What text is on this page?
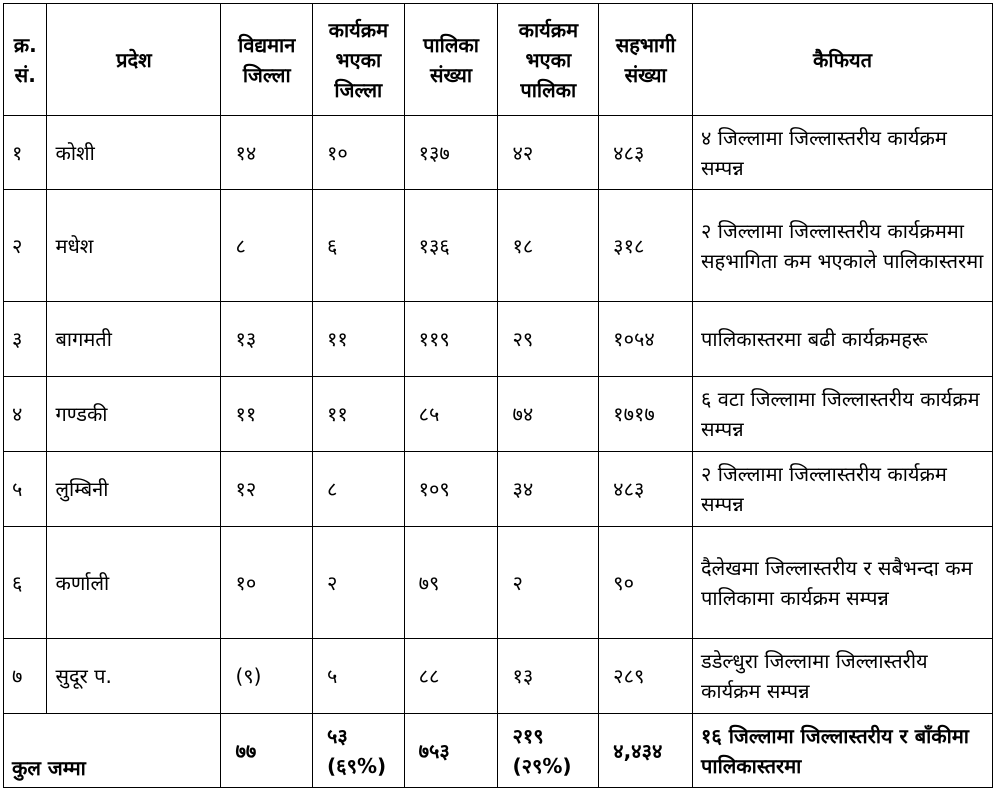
क्र. सं.	प्रदेश	विद्यमान जिल्ला	कार्यक्रम भएका जिल्ला	पालिका संख्या	कार्यक्रम भएका पालिका	सहभागी संख्या	कैफियत
१	कोशी	१४	१०	१३७	४२	४८३	४ जिल्लामा जिल्लास्तरीय कार्यक्रम सम्पन्न
२	मधेश	८	६	१३६	१८	३१८	२ जिल्लामा जिल्लास्तरीय कार्यक्रममा सहभागिता कम भएकाले पालिकास्तरमा
३	बागमती	१३	११	११९	२९	१०५४	पालिकास्तरमा बढी कार्यक्रमहरू
४	गण्डकी	११	११	८५	७४	१७१७	६ वटा जिल्लामा जिल्लास्तरीय कार्यक्रम सम्पन्न
५	लुम्बिनी	१२	८	१०९	३४	४८३	२ जिल्लामा जिल्लास्तरीय कार्यक्रम सम्पन्न
६	कर्णाली	१०	२	७९	२	९०	दैलेखमा जिल्लास्तरीय र सबैभन्दा कम पालिकामा कार्यक्रम सम्पन्न
७	सुदूर प.	(९)	५	८८	१३	२८९	डडेल्धुरा जिल्लामा जिल्लास्तरीय कार्यक्रम सम्पन्न
कुल जम्मा		७७	५३ (६९%)	७५३	२१९ (२९%)	४,४३४	१६ जिल्लामा जिल्लास्तरीय र बाँकीमा पालिकास्तरमा
